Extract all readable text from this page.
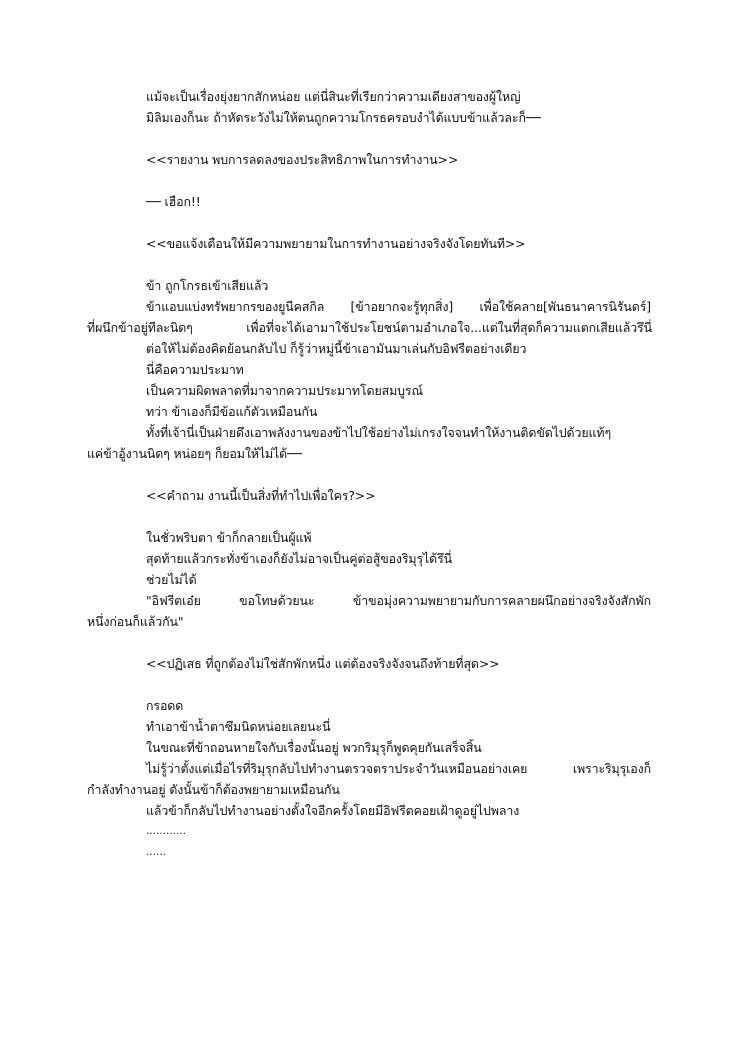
แม้จะเป็นเรื่องยุ่งยากสักหน่อย แต่นี่สินะที่เรียกว่าความเดียงสาของผู้ใหญ่
มิลิมเองก็นะ ถ้าหัดระวังไม่ให้ตนถูกความโกรธครอบงำได้แบบข้าแล้วละก็──
<<รายงาน พบการลดลงของประสิทธิภาพในการทำงาน>>
── เฮือก!!
<<ขอแจ้งเตือนให้มีความพยายามในการทำงานอย่างจริงจังโดยทันที>>
ข้า ถูกโกรธเข้าเสียแล้ว
ข้าแอบแบ่งทรัพยากรของยูนีคสกิล [ข้าอยากจะรู้ทุกสิ่ง] เพื่อใช้คลาย[พันธนาคารนิรันดร์]
ที่ผนึกข้าอยู่ทีละนิดๆ เพื่อที่จะได้เอามาใช้ประโยชน์ตามอำเภอใจ...แต่ในที่สุดก็ความแตกเสียแล้วรึนี่
ต่อให้ไม่ต้องคิดย้อนกลับไป ก็รู้ว่าหมู่นี้ข้าเอามันมาเล่นกับอิฟรีตอย่างเดียว
นี่คือความประมาท
เป็นความผิดพลาดที่มาจากความประมาทโดยสมบูรณ์
ทว่า ข้าเองก็มีข้อแก้ตัวเหมือนกัน
ทั้งที่เจ้านี่เป็นฝ่ายดึงเอาพลังงานของข้าไปใช้อย่างไม่เกรงใจจนทำให้งานติดขัดไปด้วยแท้ๆ
แค่ข้าอู้งานนิดๆ หน่อยๆ ก็ยอมให้ไม่ได้──
<<คำถาม งานนี้เป็นสิ่งที่ทำไปเพื่อใคร?>>
ในชั่วพริบตา ข้าก็กลายเป็นผู้แพ้
สุดท้ายแล้วกระทั่งข้าเองก็ยังไม่อาจเป็นคู่ต่อสู้ของริมุรุได้รึนี่
ช่วยไม่ได้
"อิฟรีตเอ๋ย ขอโทษด้วยนะ ข้าขอมุ่งความพยายามกับการคลายผนึกอย่างจริงจังสักพัก
หนึ่งก่อนก็แล้วกัน"
<<ปฏิเสธ ที่ถูกต้องไม่ใช่สักพักหนึ่ง แต่ต้องจริงจังจนถึงท้ายที่สุด>>
กรอดด
ทำเอาข้าน้ำตาซึมนิดหน่อยเลยนะนี่
ในขณะที่ข้าถอนหายใจกับเรื่องนั้นอยู่ พวกริมุรุก็พูดคุยกันเสร็จสิ้น
ไม่รู้ว่าตั้งแต่เมื่อไรที่ริมุรุกลับไปทำงานตรวจตราประจำวันเหมือนอย่างเคย เพราะริมุรุเองก็
กำลังทำงานอยู่ ดังนั้นข้าก็ต้องพยายามเหมือนกัน
แล้วข้าก็กลับไปทำงานอย่างตั้งใจอีกครั้งโดยมีอิฟรีตคอยเฝ้าดูอยู่ไปพลาง
…………
……
